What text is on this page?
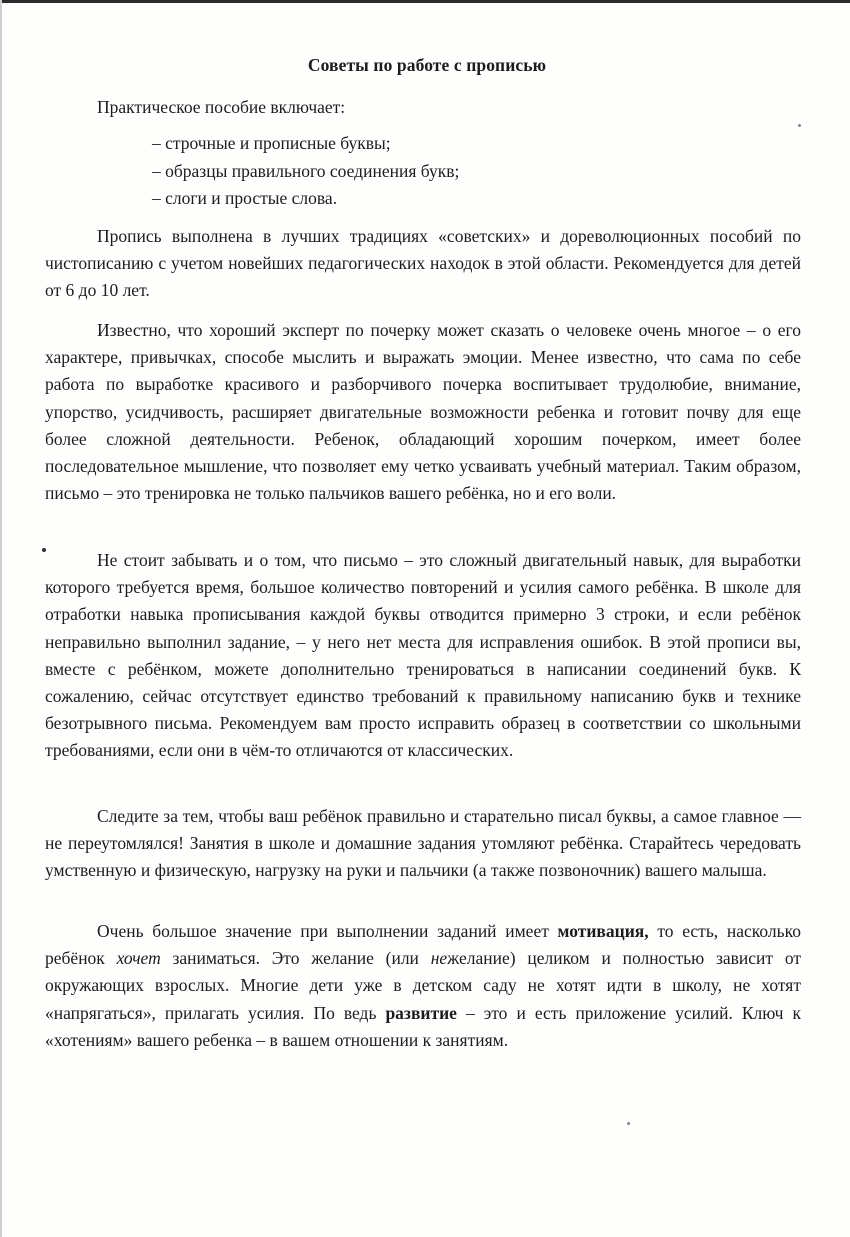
Советы по работе с прописью
Практическое пособие включает:
– строчные и прописные буквы;
– образцы правильного соединения букв;
– слоги и простые слова.

Пропись выполнена в лучших традициях «советских» и дореволюционных пособий по чистописанию с учетом новейших педагогических находок в этой области. Рекомендуется для детей от 6 до 10 лет.

Известно, что хороший эксперт по почерку может сказать о человеке очень многое – о его характере, привычках, способе мыслить и выражать эмоции. Менее известно, что сама по себе работа по выработке красивого и разборчивого почерка воспитывает трудолюбие, внимание, упорство, усидчивость, расширяет двигательные возможности ребенка и готовит почву для еще более сложной деятельности. Ребенок, обладающий хорошим почерком, имеет более последовательное мышление, что позволяет ему четко усваивать учебный материал. Таким образом, письмо – это тренировка не только пальчиков вашего ребёнка, но и его воли.

Не стоит забывать и о том, что письмо – это сложный двигательный навык, для выработки которого требуется время, большое количество повторений и усилия самого ребёнка. В школе для отработки навыка прописывания каждой буквы отводится примерно 3 строки, и если ребёнок неправильно выполнил задание, – у него нет места для исправления ошибок. В этой прописи вы, вместе с ребёнком, можете дополнительно тренироваться в написании соединений букв. К сожалению, сейчас отсутствует единство требований к правильному написанию букв и технике безотрывного письма. Рекомендуем вам просто исправить образец в соответствии со школьными требованиями, если они в чём-то отличаются от классических.

Следите за тем, чтобы ваш ребёнок правильно и старательно писал буквы, а самое главное — не переутомлялся! Занятия в школе и домашние задания утомляют ребёнка. Старайтесь чередовать умственную и физическую, нагрузку на руки и пальчики (а также позвоночник) вашего малыша.

Очень большое значение при выполнении заданий имеет мотивация, то есть, насколько ребёнок хочет заниматься. Это желание (или нежелание) целиком и полностью зависит от окружающих взрослых. Многие дети уже в детском саду не хотят идти в школу, не хотят «напрягаться», прилагать усилия. По ведь развитие – это и есть приложение усилий. Ключ к «хотениям» вашего ребенка – в вашем отношении к занятиям.
